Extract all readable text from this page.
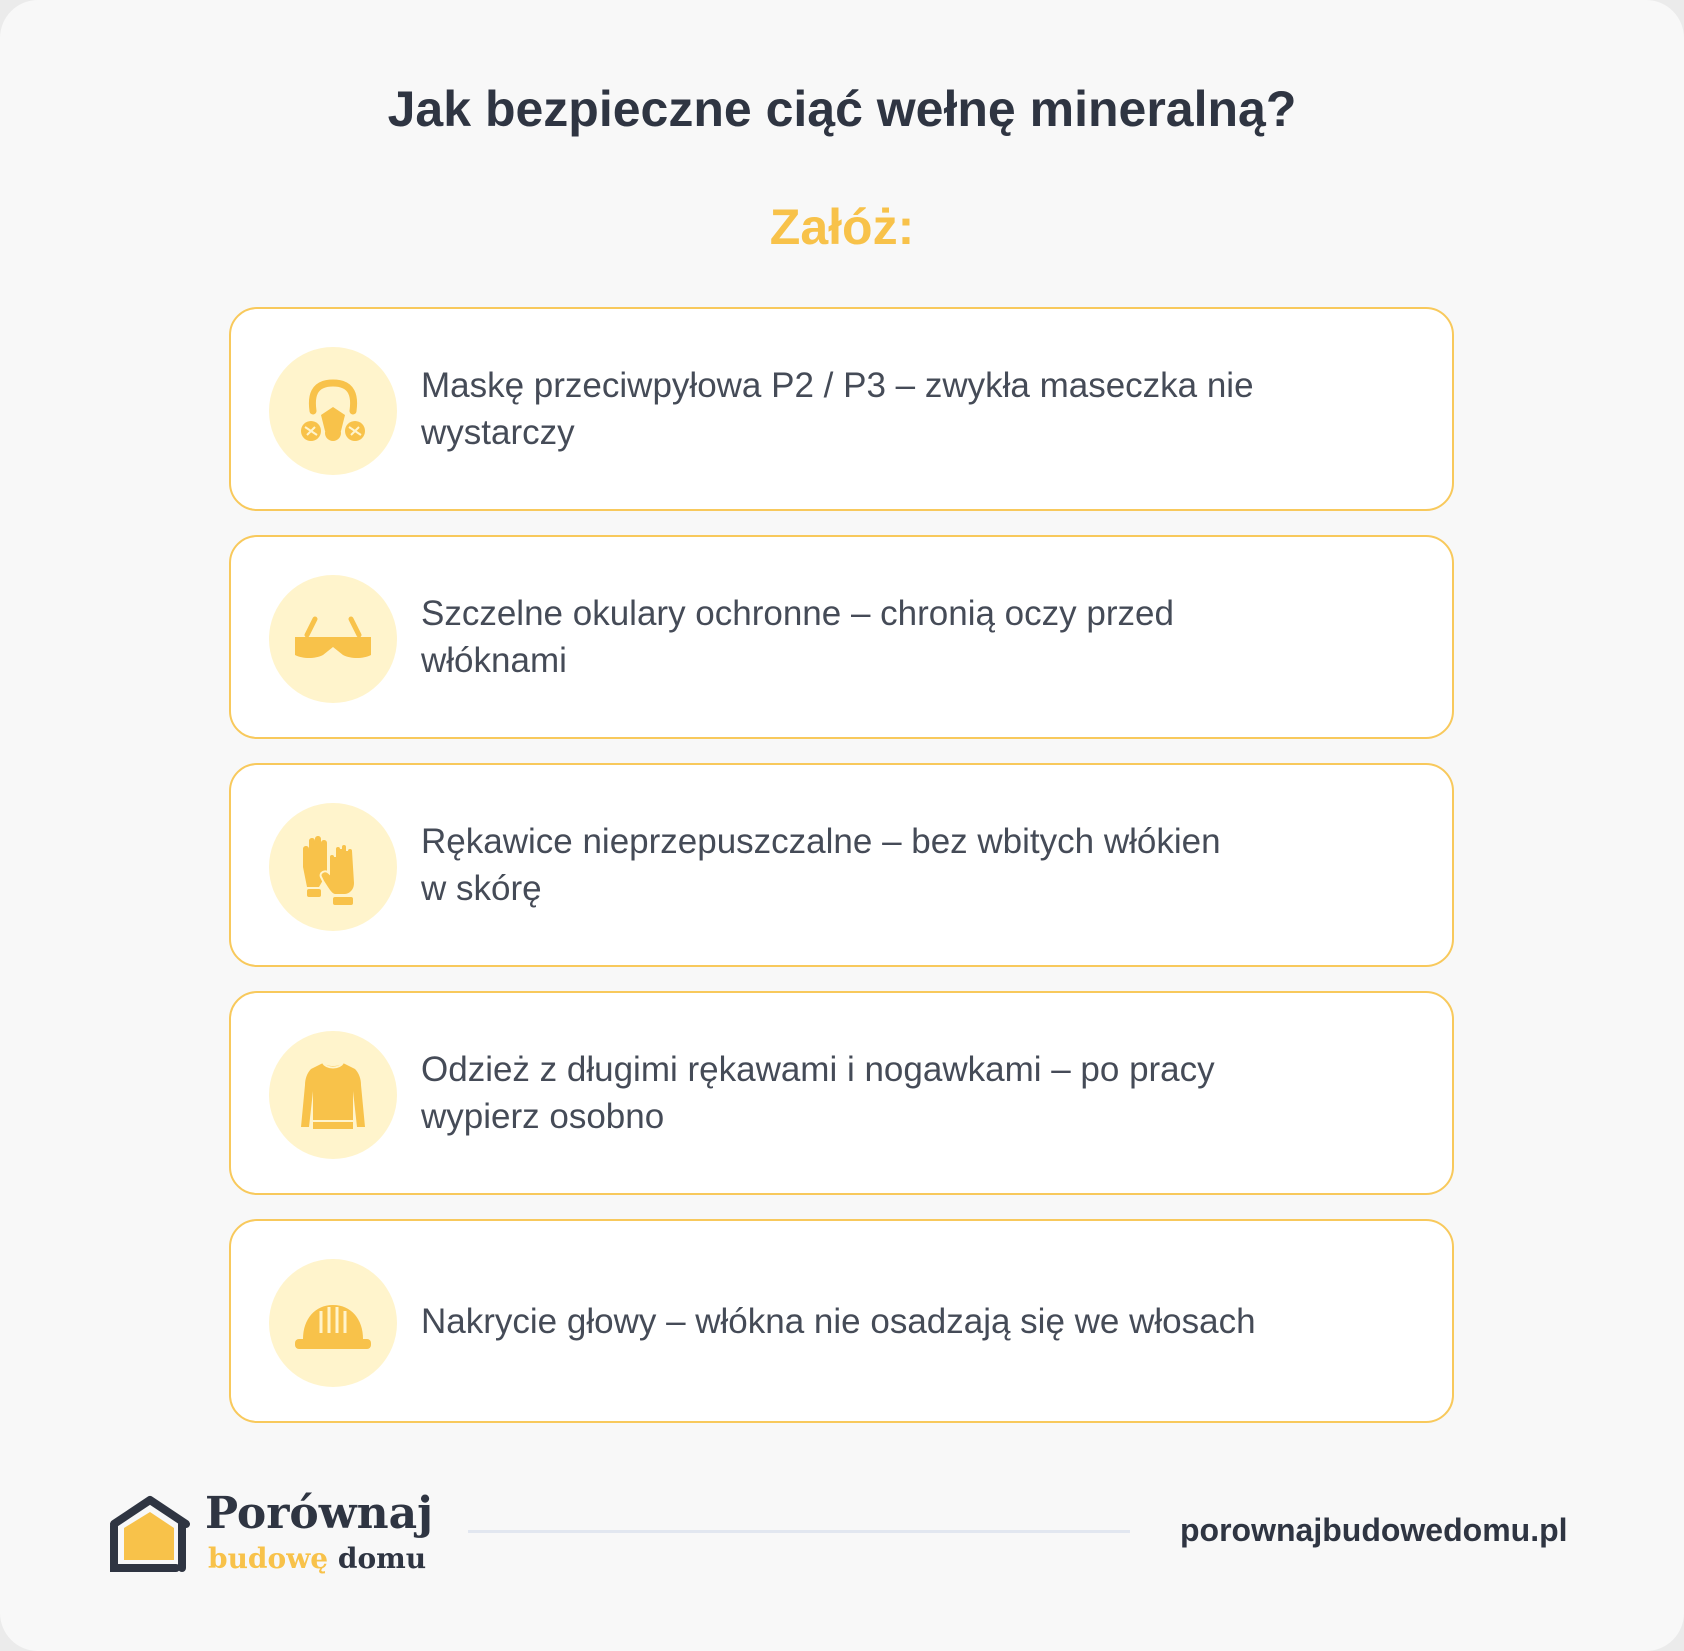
Jak bezpieczne ciąć wełnę mineralną?
Załóż:
Maskę przeciwpyłowa P2 / P3 – zwykła maseczka nie
wystarczy
Szczelne okulary ochronne – chronią oczy przed
włóknami
Rękawice nieprzepuszczalne – bez wbitych włókien
w skórę
Odzież z długimi rękawami i nogawkami – po pracy
wypierz osobno
Nakrycie głowy – włókna nie osadzają się we włosach
Porównaj
budowę domu
porownajbudowedomu.pl
